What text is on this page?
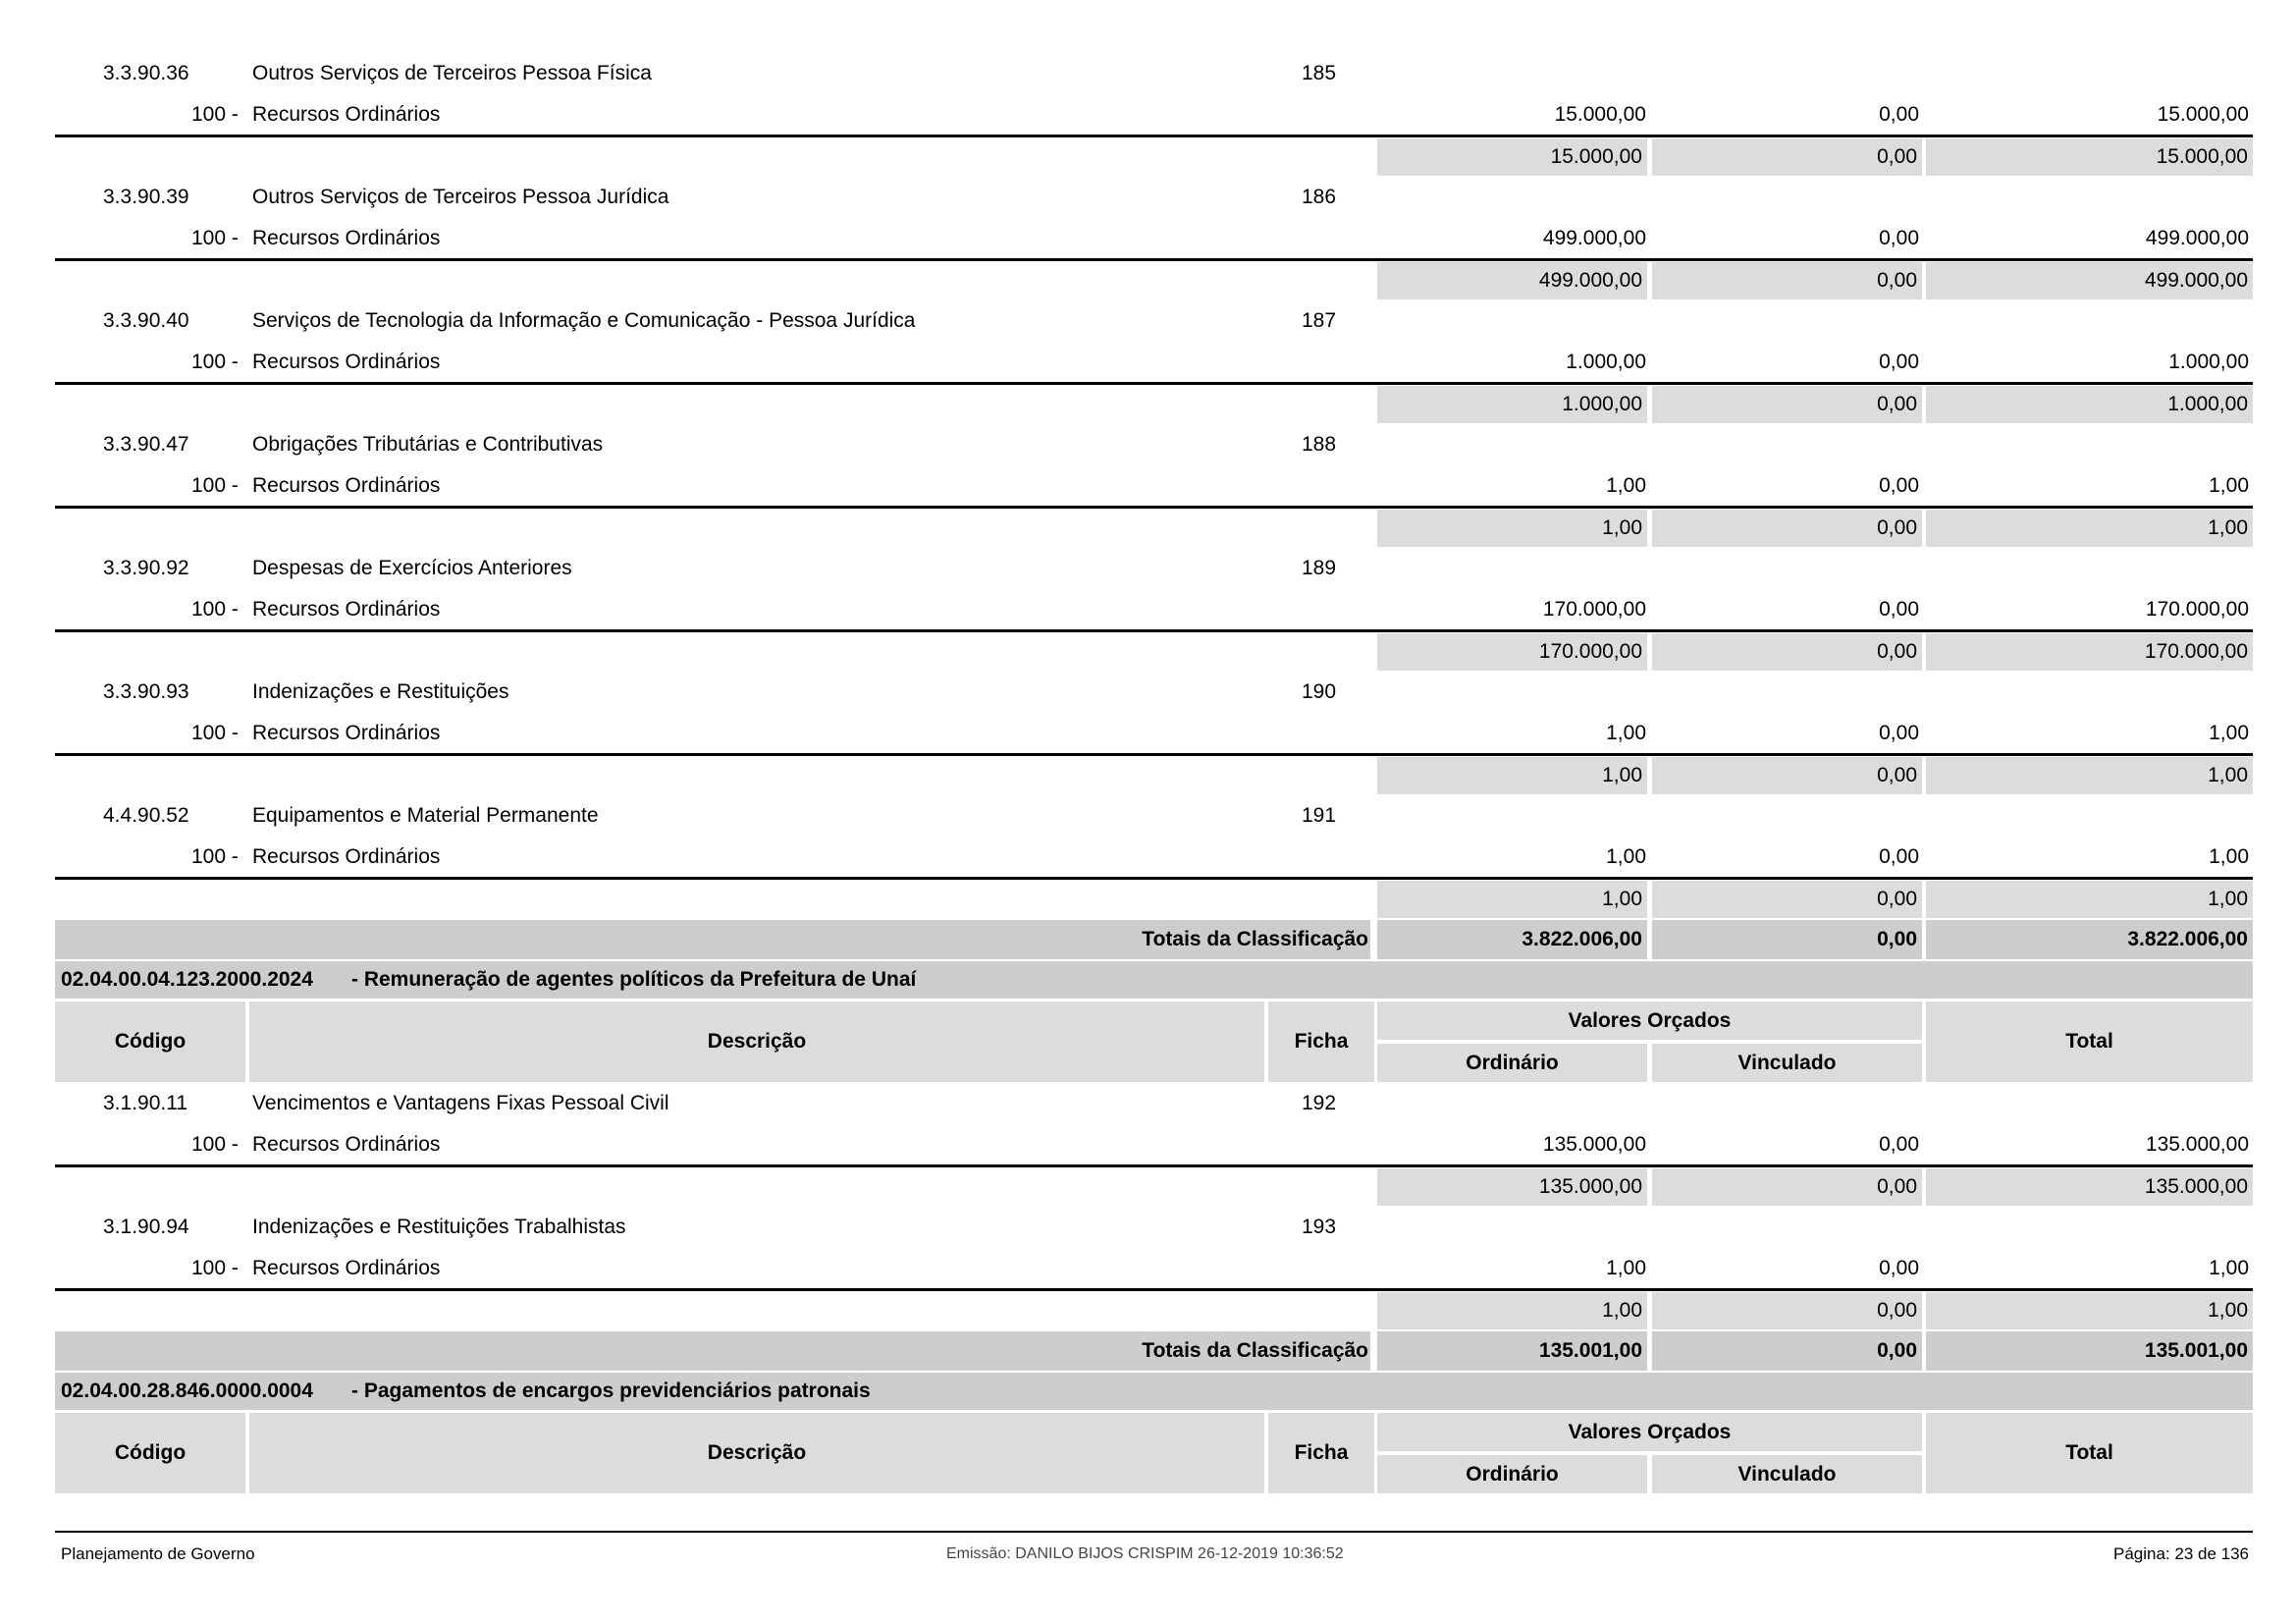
3.3.90.36	Outros Serviços de Terceiros Pessoa Física	185
100 - Recursos Ordinários	15.000,00	0,00	15.000,00
15.000,00	0,00	15.000,00
3.3.90.39	Outros Serviços de Terceiros Pessoa Jurídica	186
100 - Recursos Ordinários	499.000,00	0,00	499.000,00
499.000,00	0,00	499.000,00
3.3.90.40	Serviços de Tecnologia da Informação e Comunicação - Pessoa Jurídica	187
100 - Recursos Ordinários	1.000,00	0,00	1.000,00
1.000,00	0,00	1.000,00
3.3.90.47	Obrigações Tributárias e Contributivas	188
100 - Recursos Ordinários	1,00	0,00	1,00
1,00	0,00	1,00
3.3.90.92	Despesas de Exercícios Anteriores	189
100 - Recursos Ordinários	170.000,00	0,00	170.000,00
170.000,00	0,00	170.000,00
3.3.90.93	Indenizações e Restituições	190
100 - Recursos Ordinários	1,00	0,00	1,00
1,00	0,00	1,00
4.4.90.52	Equipamentos e Material Permanente	191
100 - Recursos Ordinários	1,00	0,00	1,00
1,00	0,00	1,00
Totais da Classificação	3.822.006,00	0,00	3.822.006,00
02.04.00.04.123.2000.2024 - Remuneração de agentes políticos da Prefeitura de Unaí
Código	Descrição	Ficha
Valores Orçados
Ordinário	Vinculado
Total
3.1.90.11	Vencimentos e Vantagens Fixas Pessoal Civil	192
100 - Recursos Ordinários	135.000,00	0,00	135.000,00
135.000,00	0,00	135.000,00
3.1.90.94	Indenizações e Restituições Trabalhistas	193
100 - Recursos Ordinários	1,00	0,00	1,00
1,00	0,00	1,00
Totais da Classificação	135.001,00	0,00	135.001,00
02.04.00.28.846.0000.0004 - Pagamentos de encargos previdenciários patronais
Código	Descrição	Ficha
Valores Orçados
Ordinário	Vinculado
Total
Planejamento de Governo	Emissão: DANILO BIJOS CRISPIM 26-12-2019 10:36:52	Página: 23 de 136
